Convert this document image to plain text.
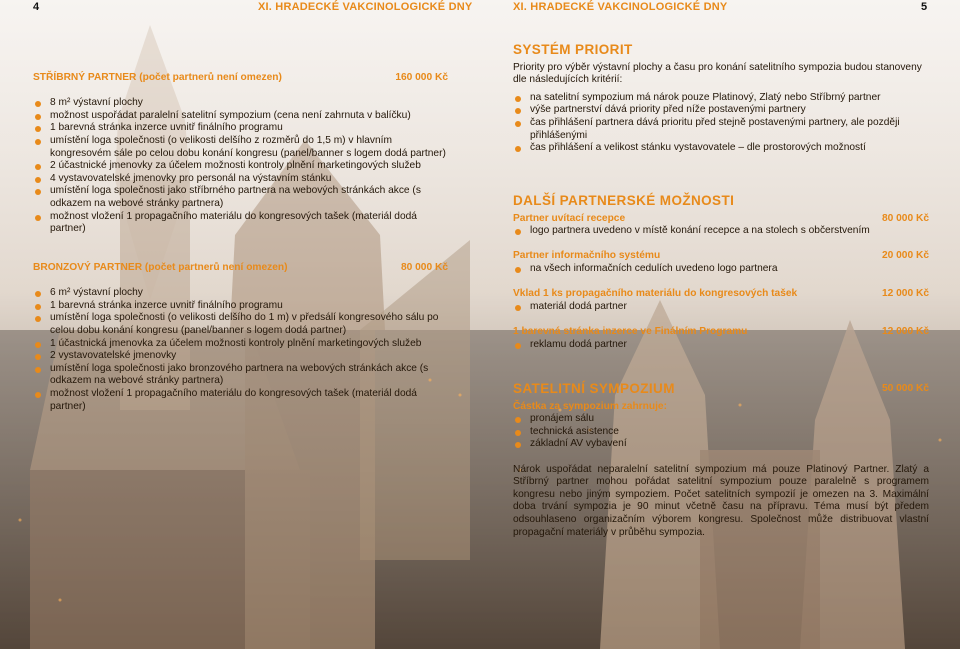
4	XI. HRADECKÉ VAKCINOLOGICKÉ DNY
STŘÍBRNÝ PARTNER (počet partnerů není omezen)	160 000 Kč
8 m² výstavní plochy
možnost uspořádat paralelní satelitní sympozium (cena není zahrnuta v balíčku)
1 barevná stránka inzerce uvnitř finálního programu
umístění loga společnosti (o velikosti delšího z rozměrů do 1,5 m) v hlavním kongresovém sále po celou dobu konání kongresu (panel/banner s logem dodá partner)
2 účastnické jmenovky za účelem možnosti kontroly plnění marketingových služeb
4 vystavovatelské jmenovky pro personál na výstavním stánku
umístění loga společnosti jako stříbrného partnera na webových stránkách akce (s odkazem na webové stránky partnera)
možnost vložení 1 propagačního materiálu do kongresových tašek (materiál dodá partner)
BRONZOVÝ PARTNER (počet partnerů není omezen)	80 000 Kč
6 m² výstavní plochy
1 barevná stránka inzerce uvnitř finálního programu
umístění loga společnosti (o velikosti delšího do 1 m) v předsálí kongresového sálu po celou dobu konání kongresu (panel/banner s logem dodá partner)
1 účastnická jmenovka za účelem možnosti kontroly plnění marketingových služeb
2 vystavovatelské jmenovky
umístění loga společnosti jako bronzového partnera na webových stránkách akce (s odkazem na webové stránky partnera)
možnost vložení 1 propagačního materiálu do kongresových tašek (materiál dodá partner)
XI. HRADECKÉ VAKCINOLOGICKÉ DNY	5
SYSTÉM PRIORIT
Priority pro výběr výstavní plochy a času pro konání satelitního sympozia budou stanoveny dle následujících kritérií:
na satelitní sympozium má nárok pouze Platinový, Zlatý nebo Stříbrný partner
výše partnerství dává priority před níže postavenými partnery
čas přihlášení partnera dává prioritu před stejně postavenými partnery, ale později přihlášenými
čas přihlášení a velikost stánku vystavovatele – dle prostorových možností
DALŠÍ PARTNERSKÉ MOŽNOSTI
Partner uvítací recepce	80 000 Kč
logo partnera uvedeno v místě konání recepce a na stolech s občerstvením
Partner informačního systému	20 000 Kč
na všech informačních cedulích uvedeno logo partnera
Vklad 1 ks propagačního materiálu do kongresových tašek	12 000 Kč
materiál dodá partner
1 barevná stránka inzerce ve Finálním Programu	12 000 Kč
reklamu dodá partner
SATELITNÍ SYMPOZIUM	50 000 Kč
Částka za sympozium zahrnuje:
pronájem sálu
technická asistence
základní AV vybavení
Nárok uspořádat neparalelní satelitní sympozium má pouze Platinový Partner. Zlatý a Stříbrný partner mohou pořádat satelitní sympozium pouze paralelně s programem kongresu nebo jiným sympoziem. Počet satelitních sympozií je omezen na 3. Maximální doba trvání sympozia je 90 minut včetně času na přípravu. Téma musí být předem odsouhlaseno organizačním výborem kongresu. Společnost může distribuovat vlastní propagační materiály v průběhu sympozia.
